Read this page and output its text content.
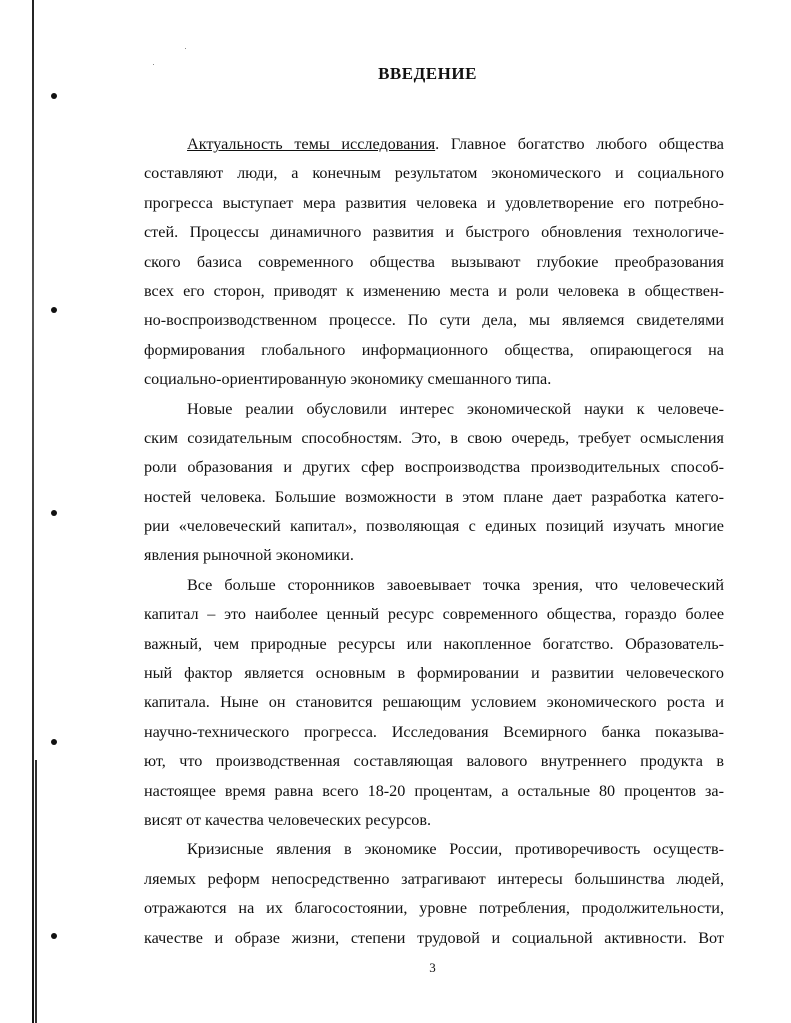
ВВЕДЕНИЕ
Актуальность темы исследования. Главное богатство любого общества
составляют люди, а конечным результатом экономического и социального
прогресса выступает мера развития человека и удовлетворение его потребно-
стей. Процессы динамичного развития и быстрого обновления технологиче-
ского базиса современного общества вызывают глубокие преобразования
всех его сторон, приводят к изменению места и роли человека в обществен-
но-воспроизводственном процессе. По сути дела, мы являемся свидетелями
формирования глобального информационного общества, опирающегося на
социально-ориентированную экономику смешанного типа.
Новые реалии обусловили интерес экономической науки к человече-
ским созидательным способностям. Это, в свою очередь, требует осмысления
роли образования и других сфер воспроизводства производительных способ-
ностей человека. Большие возможности в этом плане дает разработка катего-
рии «человеческий капитал», позволяющая с единых позиций изучать многие
явления рыночной экономики.
Все больше сторонников завоевывает точка зрения, что человеческий
капитал – это наиболее ценный ресурс современного общества, гораздо более
важный, чем природные ресурсы или накопленное богатство. Образователь-
ный фактор является основным в формировании и развитии человеческого
капитала. Ныне он становится решающим условием экономического роста и
научно-технического прогресса. Исследования Всемирного банка показыва-
ют, что производственная составляющая валового внутреннего продукта в
настоящее время равна всего 18-20 процентам, а остальные 80 процентов за-
висят от качества человеческих ресурсов.
Кризисные явления в экономике России, противоречивость осуществ-
ляемых реформ непосредственно затрагивают интересы большинства людей,
отражаются на их благосостоянии, уровне потребления, продолжительности,
качестве и образе жизни, степени трудовой и социальной активности. Вот
3
